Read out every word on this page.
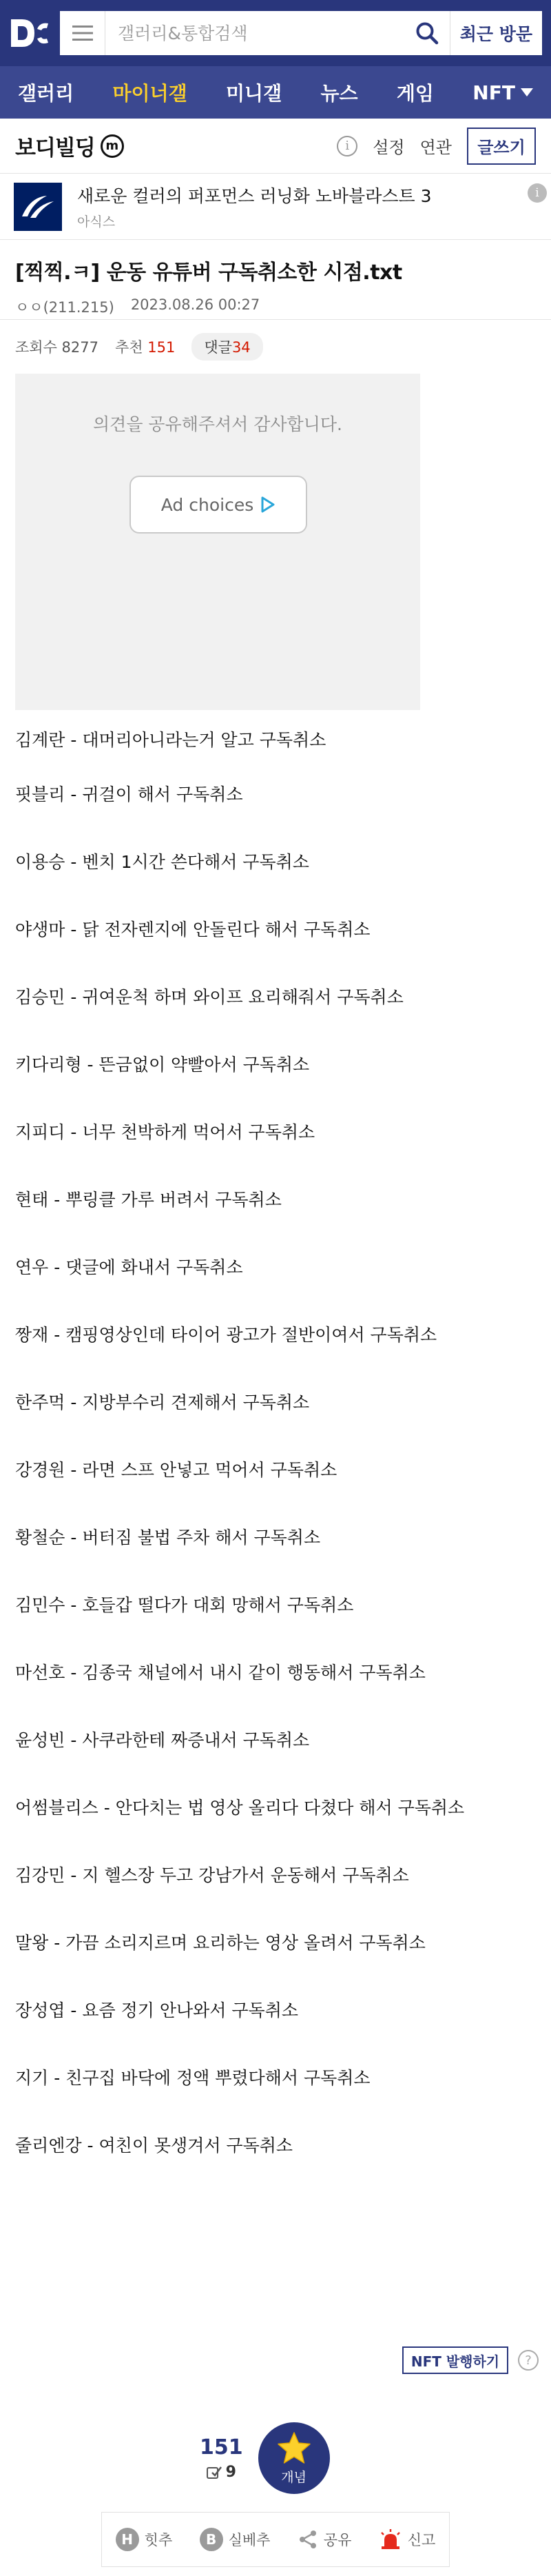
갤러리&통합검색
최근 방문
갤러리	마이너갤	미니갤	뉴스	게임	NFT
보디빌딩 m	i	설정 연관	글쓰기
새로운 컬러의 퍼포먼스 러닝화 노바블라스트 3
아식스
i
[찍찍.ㅋ] 운동 유튜버 구독취소한 시점.txt
ㅇㅇ(211.215) 2023.08.26 00:27
조회수 8277 추천 151	댓글34
의견을 공유해주셔서 감사합니다.
Ad choices

김계란 - 대머리아니라는거 알고 구독취소

핏블리 - 귀걸이 해서 구독취소

이용승 - 벤치 1시간 쓴다해서 구독취소

야생마 - 닭 전자렌지에 안돌린다 해서 구독취소

김승민 - 귀여운척 하며 와이프 요리해줘서 구독취소

키다리형 - 뜬금없이 약빨아서 구독취소

지피디 - 너무 천박하게 먹어서 구독취소

현태 - 뿌링클 가루 버려서 구독취소

연우 - 댓글에 화내서 구독취소

짱재 - 캠핑영상인데 타이어 광고가 절반이여서 구독취소

한주먹 - 지방부수리 견제해서 구독취소

강경원 - 라면 스프 안넣고 먹어서 구독취소

황철순 - 버터짐 불법 주차 해서 구독취소

김민수 - 호들갑 떨다가 대회 망해서 구독취소

마선호 - 김종국 채널에서 내시 같이 행동해서 구독취소

윤성빈 - 사쿠라한테 짜증내서 구독취소

어썸블리스 - 안다치는 법 영상 올리다 다쳤다 해서 구독취소

김강민 - 지 헬스장 두고 강남가서 운동해서 구독취소

말왕 - 가끔 소리지르며 요리하는 영상 올려서 구독취소

장성엽 - 요즘 정기 안나와서 구독취소

지기 - 친구집 바닥에 정액 뿌렸다해서 구독취소

줄리엔강 - 여친이 못생겨서 구독취소

NFT 발행하기	?
151
9	개념
H 힛추	B 실베추	공유	신고
